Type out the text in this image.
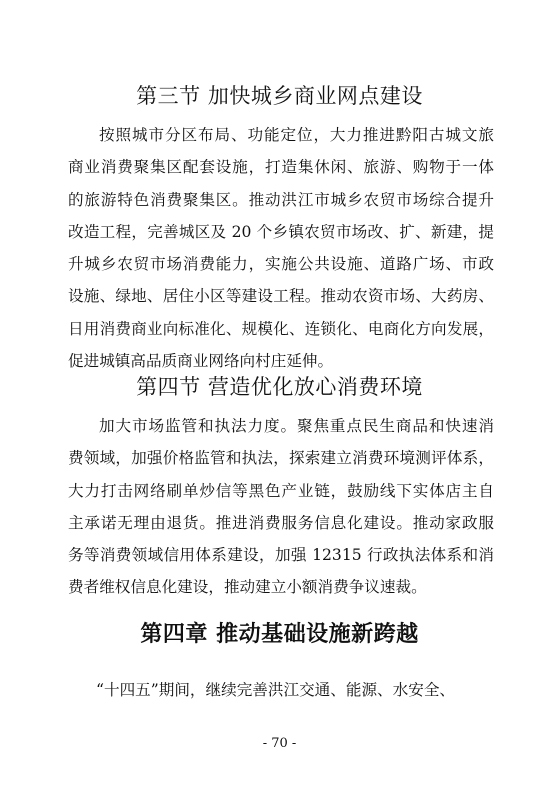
第三节 加快城乡商业网点建设

按照城市分区布局、功能定位，大力推进黔阳古城文旅
商业消费聚集区配套设施，打造集休闲、旅游、购物于一体
的旅游特色消费聚集区。推动洪江市城乡农贸市场综合提升
改造工程，完善城区及 20 个乡镇农贸市场改、扩、新建，提
升城乡农贸市场消费能力，实施公共设施、道路广场、市政
设施、绿地、居住小区等建设工程。推动农资市场、大药房、
日用消费商业向标准化、规模化、连锁化、电商化方向发展，
促进城镇高品质商业网络向村庄延伸。

第四节 营造优化放心消费环境

加大市场监管和执法力度。聚焦重点民生商品和快速消
费领域，加强价格监管和执法，探索建立消费环境测评体系，
大力打击网络刷单炒信等黑色产业链，鼓励线下实体店主自
主承诺无理由退货。推进消费服务信息化建设。推动家政服
务等消费领域信用体系建设，加强 12315 行政执法体系和消
费者维权信息化建设，推动建立小额消费争议速裁。

第四章 推动基础设施新跨越

“十四五”期间，继续完善洪江交通、能源、水安全、

- 70 -
